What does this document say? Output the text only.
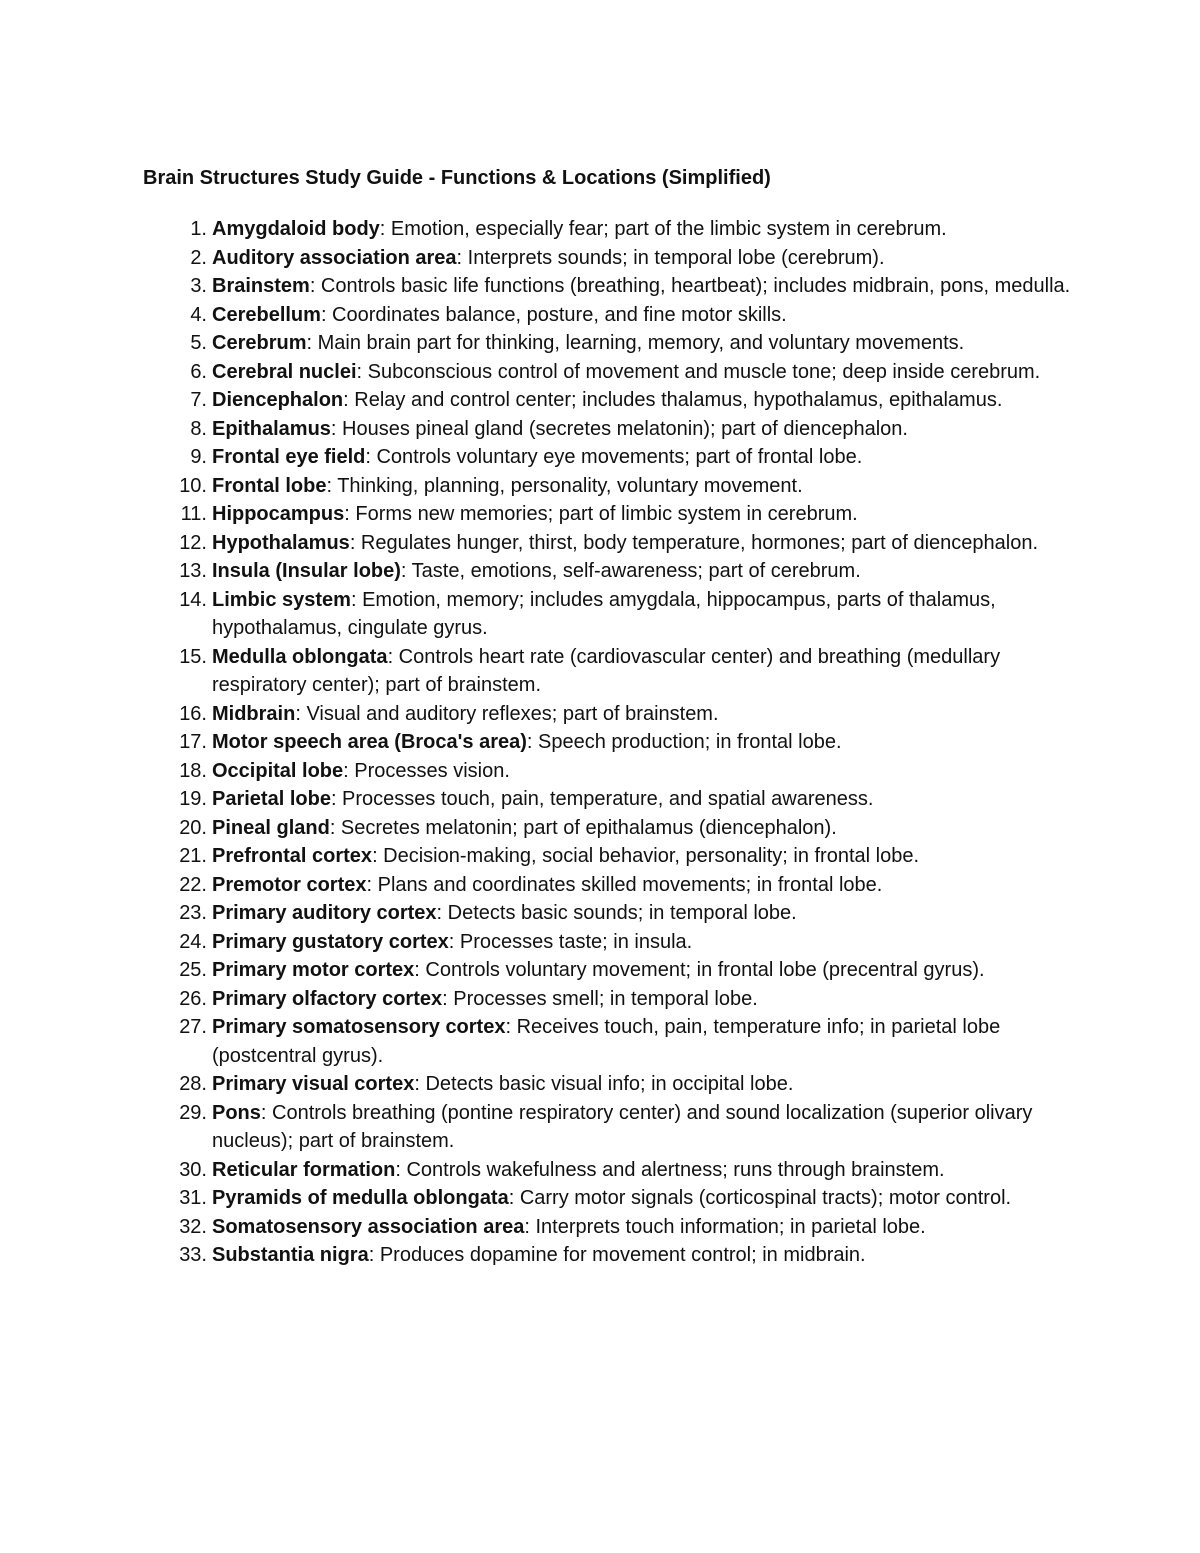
Brain Structures Study Guide - Functions & Locations (Simplified)
1. Amygdaloid body: Emotion, especially fear; part of the limbic system in cerebrum.
2. Auditory association area: Interprets sounds; in temporal lobe (cerebrum).
3. Brainstem: Controls basic life functions (breathing, heartbeat); includes midbrain, pons, medulla.
4. Cerebellum: Coordinates balance, posture, and fine motor skills.
5. Cerebrum: Main brain part for thinking, learning, memory, and voluntary movements.
6. Cerebral nuclei: Subconscious control of movement and muscle tone; deep inside cerebrum.
7. Diencephalon: Relay and control center; includes thalamus, hypothalamus, epithalamus.
8. Epithalamus: Houses pineal gland (secretes melatonin); part of diencephalon.
9. Frontal eye field: Controls voluntary eye movements; part of frontal lobe.
10. Frontal lobe: Thinking, planning, personality, voluntary movement.
11. Hippocampus: Forms new memories; part of limbic system in cerebrum.
12. Hypothalamus: Regulates hunger, thirst, body temperature, hormones; part of diencephalon.
13. Insula (Insular lobe): Taste, emotions, self-awareness; part of cerebrum.
14. Limbic system: Emotion, memory; includes amygdala, hippocampus, parts of thalamus, hypothalamus, cingulate gyrus.
15. Medulla oblongata: Controls heart rate (cardiovascular center) and breathing (medullary respiratory center); part of brainstem.
16. Midbrain: Visual and auditory reflexes; part of brainstem.
17. Motor speech area (Broca's area): Speech production; in frontal lobe.
18. Occipital lobe: Processes vision.
19. Parietal lobe: Processes touch, pain, temperature, and spatial awareness.
20. Pineal gland: Secretes melatonin; part of epithalamus (diencephalon).
21. Prefrontal cortex: Decision-making, social behavior, personality; in frontal lobe.
22. Premotor cortex: Plans and coordinates skilled movements; in frontal lobe.
23. Primary auditory cortex: Detects basic sounds; in temporal lobe.
24. Primary gustatory cortex: Processes taste; in insula.
25. Primary motor cortex: Controls voluntary movement; in frontal lobe (precentral gyrus).
26. Primary olfactory cortex: Processes smell; in temporal lobe.
27. Primary somatosensory cortex: Receives touch, pain, temperature info; in parietal lobe (postcentral gyrus).
28. Primary visual cortex: Detects basic visual info; in occipital lobe.
29. Pons: Controls breathing (pontine respiratory center) and sound localization (superior olivary nucleus); part of brainstem.
30. Reticular formation: Controls wakefulness and alertness; runs through brainstem.
31. Pyramids of medulla oblongata: Carry motor signals (corticospinal tracts); motor control.
32. Somatosensory association area: Interprets touch information; in parietal lobe.
33. Substantia nigra: Produces dopamine for movement control; in midbrain.
